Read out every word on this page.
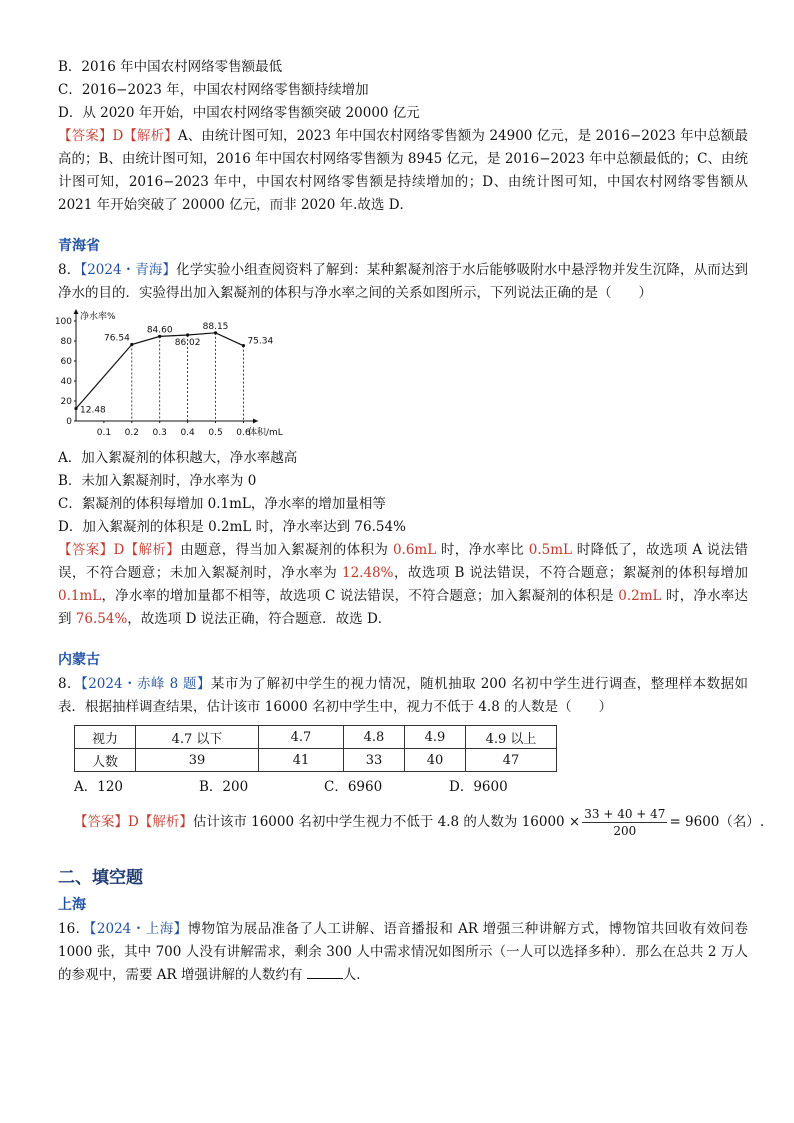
B．2016 年中国农村网络零售额最低

C．2016−2023 年，中国农村网络零售额持续增加

D．从 2020 年开始，中国农村网络零售额突破 20000 亿元

【答案】D【解析】A、由统计图可知，2023 年中国农村网络零售额为 24900 亿元，是 2016−2023 年中总额最高的；B、由统计图可知，2016 年中国农村网络零售额为 8945 亿元，是 2016−2023 年中总额最低的；C、由统计图可知，2016−2023 年中，中国农村网络零售额是持续增加的；D、由统计图可知，中国农村网络零售额从 2021 年开始突破了 20000 亿元，而非 2020 年.故选 D．

青海省

8．【2024・青海】化学实验小组查阅资料了解到：某种絮凝剂溶于水后能够吸附水中悬浮物并发生沉降，从而达到净水的目的．实验得出加入絮凝剂的体积与净水率之间的关系如图所示，下列说法正确的是（　　）

净水率%
体积/mL
0
20
40
60
80
100
0.1 0.2 0.3 0.4 0.5 0.6
12.48
76.54
84.60
86.02
88.15
75.34

A．加入絮凝剂的体积越大，净水率越高

B．未加入絮凝剂时，净水率为 0

C．絮凝剂的体积每增加 0.1mL，净水率的增加量相等

D．加入絮凝剂的体积是 0.2mL 时，净水率达到 76.54%

【答案】D【解析】由题意，得当加入絮凝剂的体积为 0.6mL 时，净水率比 0.5mL 时降低了，故选项 A 说法错误，不符合题意；未加入絮凝剂时，净水率为 12.48%，故选项 B 说法错误，不符合题意；絮凝剂的体积每增加 0.1mL，净水率的增加量都不相等，故选项 C 说法错误，不符合题意；加入絮凝剂的体积是 0.2mL 时，净水率达到 76.54%，故选项 D 说法正确，符合题意．故选 D．

内蒙古

8．【2024・赤峰 8 题】某市为了解初中学生的视力情况，随机抽取 200 名初中学生进行调查，整理样本数据如表．根据抽样调查结果，估计该市 16000 名初中学生中，视力不低于 4.8 的人数是（　　）

视力	4.7 以下	4.7	4.8	4.9	4.9 以上
人数	39	41	33	40	47
A．120	B．200	C．6960	D．9600

【答案】D【解析】估计该市 16000 名初中学生视力不低于 4.8 的人数为 $16000 \times \frac{33 + 40 + 47}{200} = 9600$（名）.

二、填空题
上海

16．【2024・上海】博物馆为展品准备了人工讲解、语音播报和 AR 增强三种讲解方式，博物馆共回收有效问卷 1000 张，其中 700 人没有讲解需求，剩余 300 人中需求情况如图所示（一人可以选择多种）．那么在总共 2 万人的参观中，需要 AR 增强讲解的人数约有	人．
